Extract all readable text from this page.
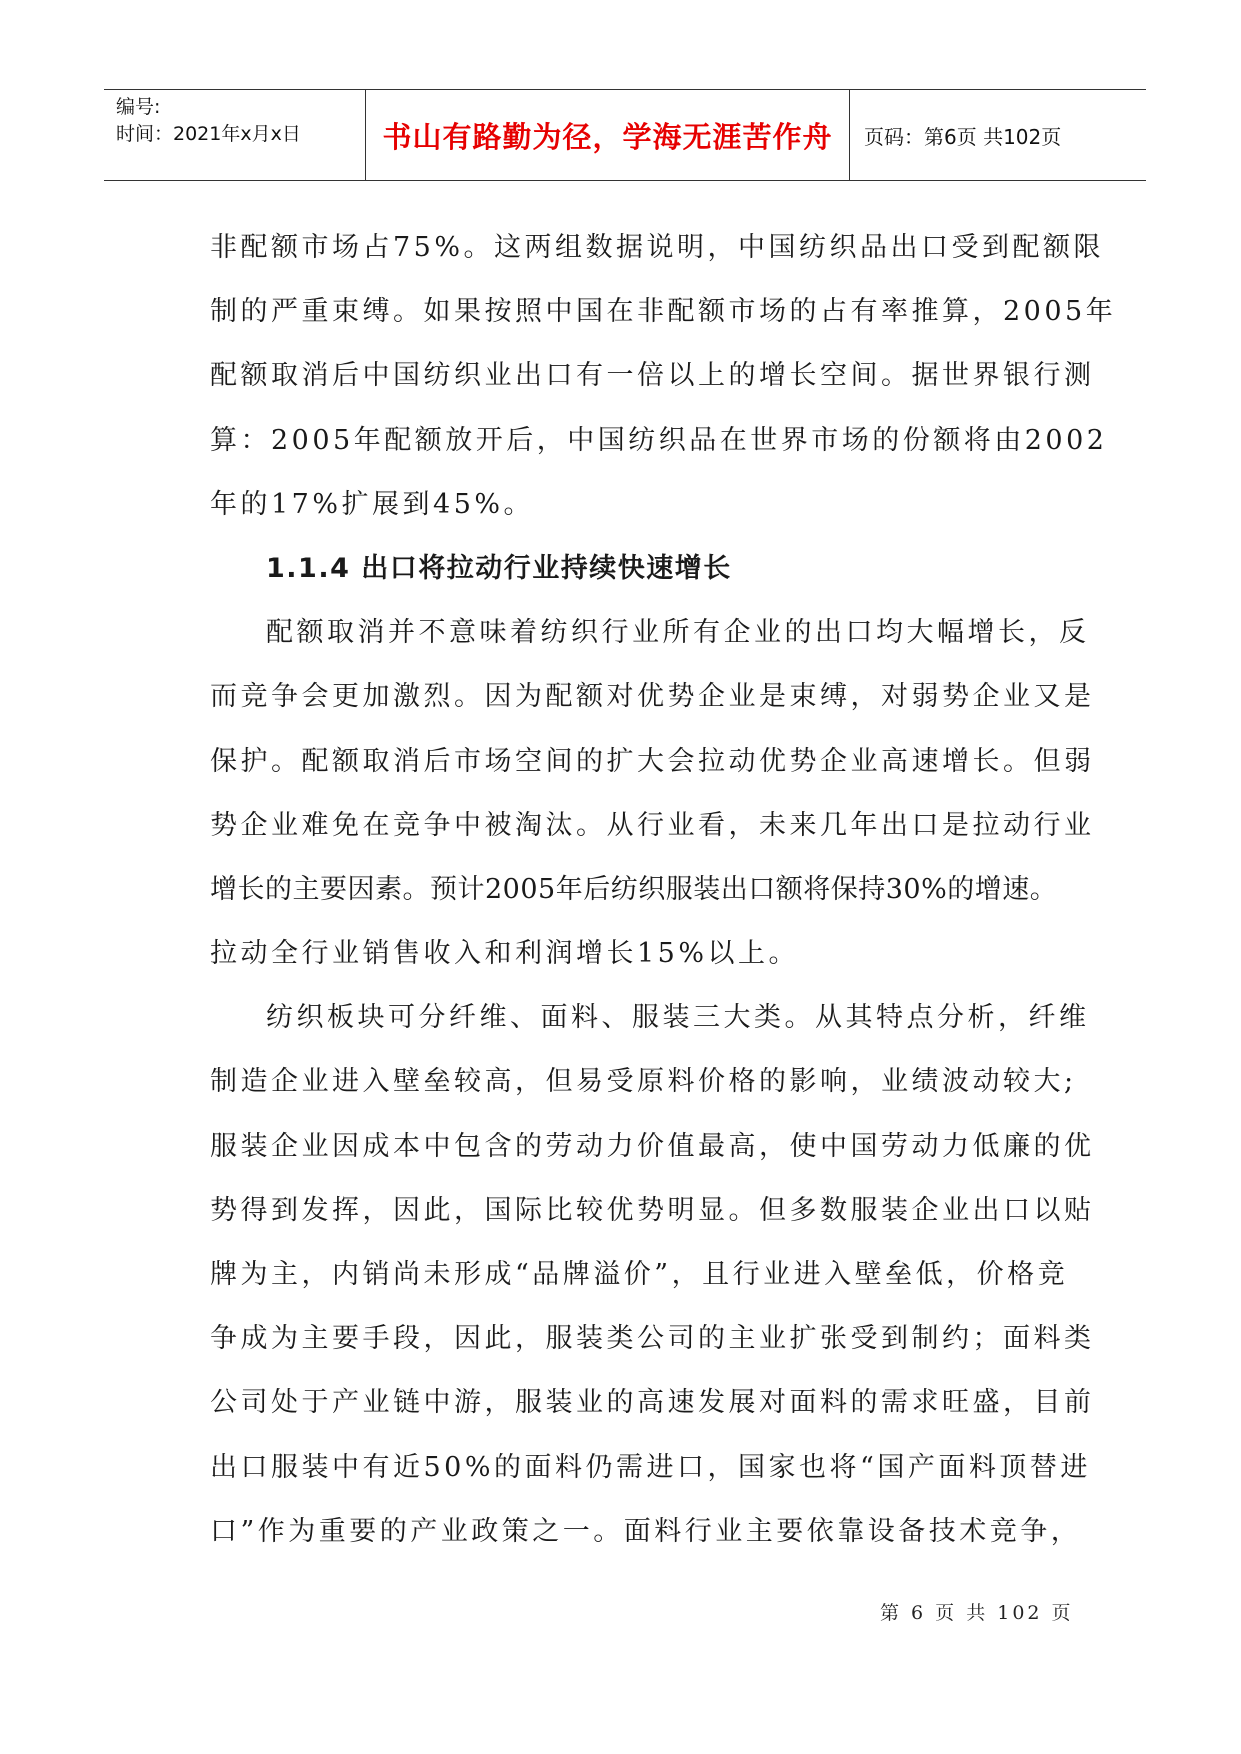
编号:
时间：2021年x月x日	书山有路勤为径，学海无涯苦作舟	页码：第6页 共102页
非配额市场占75%。这两组数据说明，中国纺织品出口受到配额限
制的严重束缚。如果按照中国在非配额市场的占有率推算，2005年
配额取消后中国纺织业出口有一倍以上的增长空间。据世界银行测
算：2005年配额放开后，中国纺织品在世界市场的份额将由2002
年的17%扩展到45%。
1.1.4 出口将拉动行业持续快速增长
配额取消并不意味着纺织行业所有企业的出口均大幅增长，反
而竞争会更加激烈。因为配额对优势企业是束缚，对弱势企业又是
保护。配额取消后市场空间的扩大会拉动优势企业高速增长。但弱
势企业难免在竞争中被淘汰。从行业看，未来几年出口是拉动行业
增长的主要因素。预计2005年后纺织服装出口额将保持30%的增速。
拉动全行业销售收入和利润增长15%以上。
纺织板块可分纤维、面料、服装三大类。从其特点分析，纤维
制造企业进入壁垒较高，但易受原料价格的影响，业绩波动较大;
服装企业因成本中包含的劳动力价值最高，使中国劳动力低廉的优
势得到发挥，因此，国际比较优势明显。但多数服装企业出口以贴
牌为主，内销尚未形成“品牌溢价”，且行业进入壁垒低，价格竞
争成为主要手段，因此，服装类公司的主业扩张受到制约；面料类
公司处于产业链中游，服装业的高速发展对面料的需求旺盛，目前
出口服装中有近50%的面料仍需进口，国家也将“国产面料顶替进
口”作为重要的产业政策之一。面料行业主要依靠设备技术竞争，
第 6 页 共 102 页
